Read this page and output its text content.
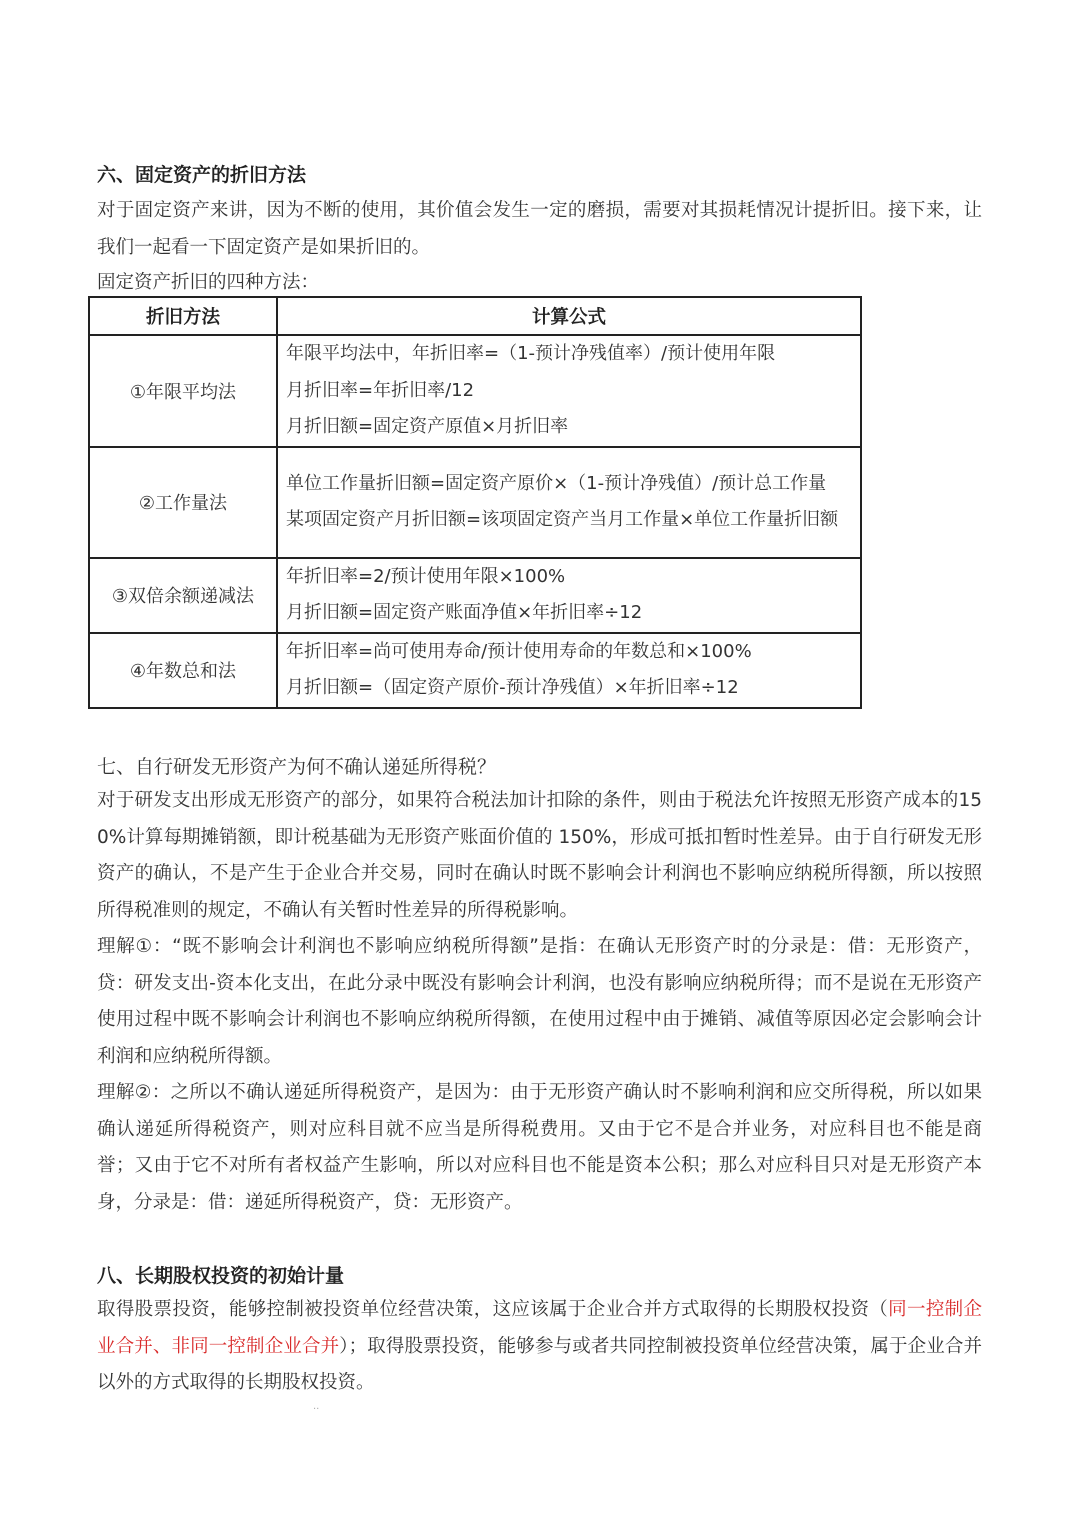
六、固定资产的折旧方法
对于固定资产来讲，因为不断的使用，其价值会发生一定的磨损，需要对其损耗情况计提折旧。接下来，让我们一起看一下固定资产是如果折旧的。
固定资产折旧的四种方法：
折旧方法	计算公式
①年限平均法	年限平均法中，年折旧率=（1-预计净残值率）/预计使用年限
月折旧率=年折旧率/12
月折旧额=固定资产原值×月折旧率

②工作量法	单位工作量折旧额=固定资产原价×（1-预计净残值）/预计总工作量
某项固定资产月折旧额=该项固定资产当月工作量×单位工作量折旧额

③双倍余额递减法	年折旧率=2/预计使用年限×100%
月折旧额=固定资产账面净值×年折旧率÷12

④年数总和法	年折旧率=尚可使用寿命/预计使用寿命的年数总和×100%
月折旧额=（固定资产原价-预计净残值）×年折旧率÷12
七、自行研发无形资产为何不确认递延所得税？
对于研发支出形成无形资产的部分，如果符合税法加计扣除的条件，则由于税法允许按照无形资产成本的150%计算每期摊销额，即计税基础为无形资产账面价值的 150%，形成可抵扣暂时性差异。由于自行研发无形资产的确认，不是产生于企业合并交易，同时在确认时既不影响会计利润也不影响应纳税所得额，所以按照所得税准则的规定，不确认有关暂时性差异的所得税影响。
理解①：“既不影响会计利润也不影响应纳税所得额”是指：在确认无形资产时的分录是：借：无形资产，贷：研发支出-资本化支出，在此分录中既没有影响会计利润，也没有影响应纳税所得；而不是说在无形资产使用过程中既不影响会计利润也不影响应纳税所得额，在使用过程中由于摊销、减值等原因必定会影响会计利润和应纳税所得额。
理解②：之所以不确认递延所得税资产，是因为：由于无形资产确认时不影响利润和应交所得税，所以如果确认递延所得税资产，则对应科目就不应当是所得税费用。又由于它不是合并业务，对应科目也不能是商誉；又由于它不对所有者权益产生影响，所以对应科目也不能是资本公积；那么对应科目只对是无形资产本身，分录是：借：递延所得税资产，贷：无形资产。
八、长期股权投资的初始计量
取得股票投资，能够控制被投资单位经营决策，这应该属于企业合并方式取得的长期股权投资（同一控制企业合并、非同一控制企业合并）；取得股票投资，能够参与或者共同控制被投资单位经营决策，属于企业合并以外的方式取得的长期股权投资。
··
